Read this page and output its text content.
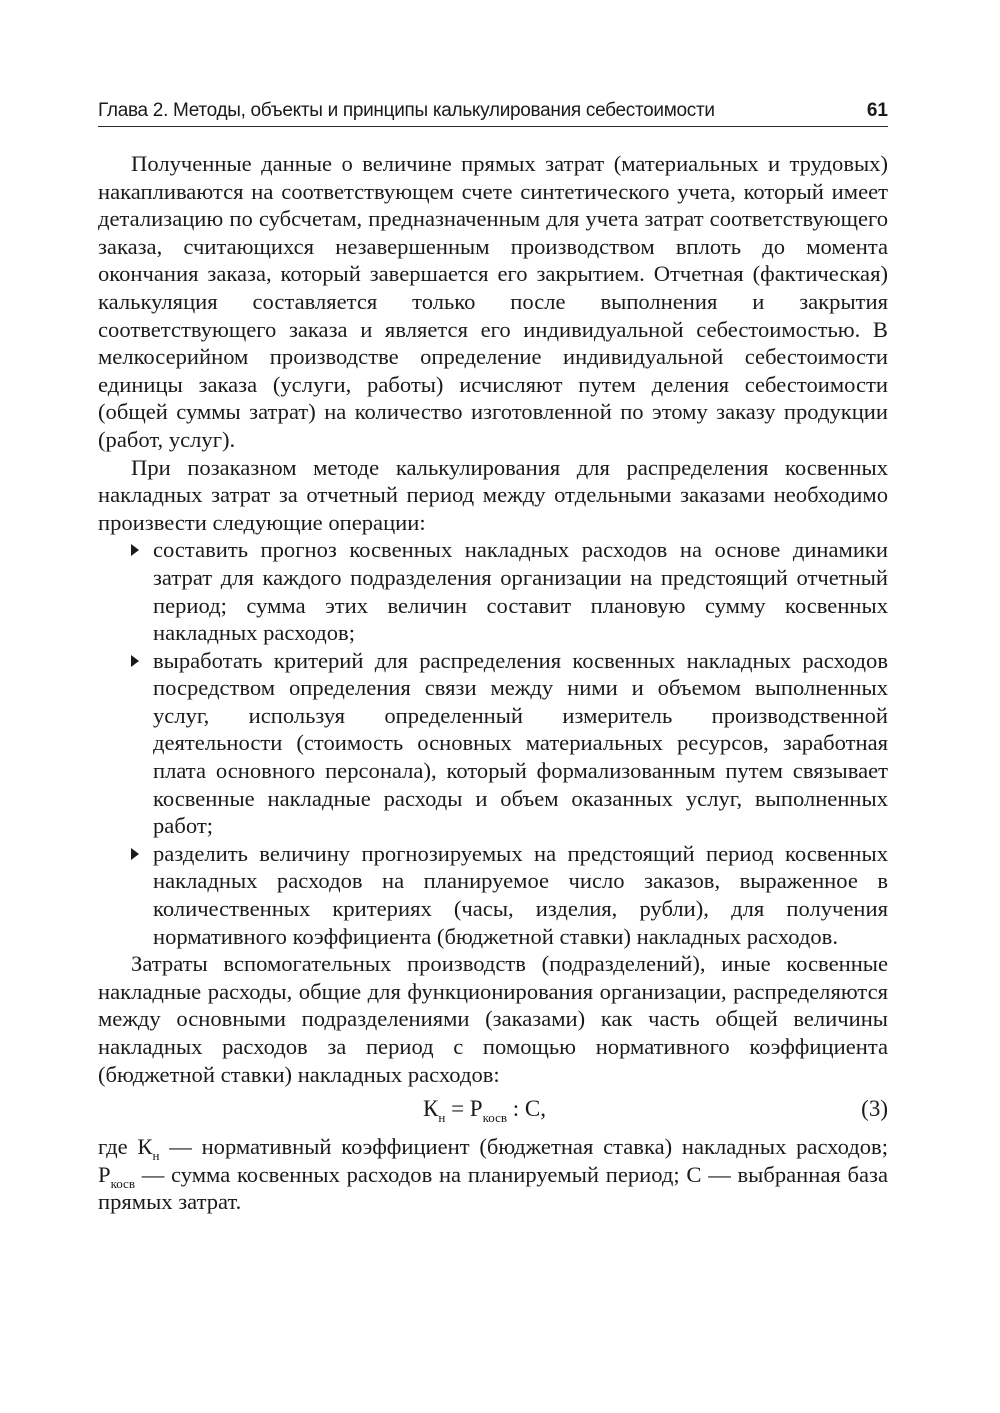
Глава 2. Методы, объекты и принципы калькулирования себестоимости	61

Полученные данные о величине прямых затрат (материальных и трудовых) накапливаются на соответствующем счете синтетического учета, который имеет детализацию по субсчетам, предназначенным для учета затрат соответствующего заказа, считающихся незавершенным производством вплоть до момента окончания заказа, который завершается его закрытием. Отчетная (фактическая) калькуляция составляется только после выполнения и закрытия соответствующего заказа и является его индивидуальной себестоимостью. В мелкосерийном производстве определение индивидуальной себестоимости единицы заказа (услуги, работы) исчисляют путем деления себестоимости (общей суммы затрат) на количество изготовленной по этому заказу продукции (работ, услуг).

При позаказном методе калькулирования для распределения косвенных накладных затрат за отчетный период между отдельными заказами необходимо произвести следующие операции:

составить прогноз косвенных накладных расходов на основе динамики затрат для каждого подразделения организации на предстоящий отчетный период; сумма этих величин составит плановую сумму косвенных накладных расходов;
выработать критерий для распределения косвенных накладных расходов посредством определения связи между ними и объемом выполненных услуг, используя определенный измеритель производственной деятельности (стоимость основных материальных ресурсов, заработная плата основного персонала), который формализованным путем связывает косвенные накладные расходы и объем оказанных услуг, выполненных работ;
разделить величину прогнозируемых на предстоящий период косвенных накладных расходов на планируемое число заказов, выраженное в количественных критериях (часы, изделия, рубли), для получения нормативного коэффициента (бюджетной ставки) накладных расходов.

Затраты вспомогательных производств (подразделений), иные косвенные накладные расходы, общие для функционирования организации, распределяются между основными подразделениями (заказами) как часть общей величины накладных расходов за период с помощью нормативного коэффициента (бюджетной ставки) накладных расходов:

$К_н = Р_{косв}$ : С,	(3)

где $К_н$ — нормативный коэффициент (бюджетная ставка) накладных расходов; $Р_{косв}$ — сумма косвенных расходов на планируемый период; С — выбранная база прямых затрат.
